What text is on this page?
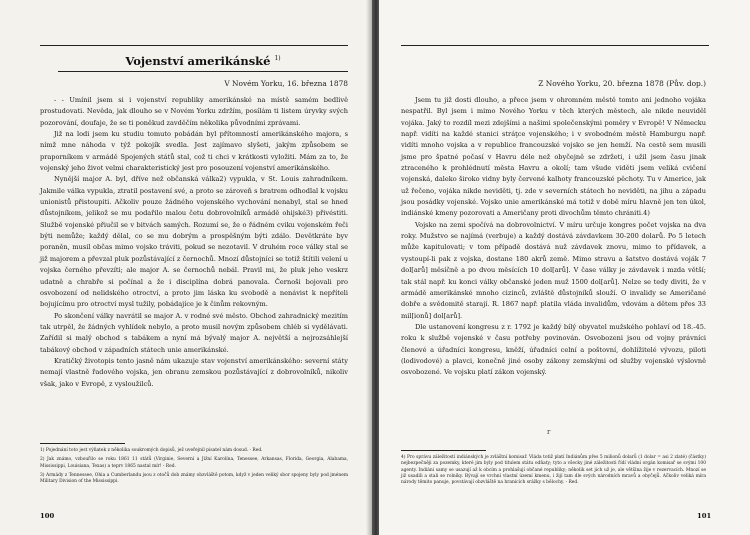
Vojenství amerikánské $^{1)}$
V Novém Yorku, 16. března 1878

- - Umínil jsem si i vojenství republiky amerikánské na místě samém bedlivě prostudovati. Nevěda, jak dlouho se v Novém Yorku zdržím, posílám ti listem úryvky svých pozorování, doufaje, že se ti poněkud zavděčím několika původními zprávami.

Již na lodi jsem ku studiu tomuto pobádán byl přítomností amerikánského majora, s nímž mne náhoda v týž pokojík svedla. Jest zajímavo slyšeti, jakým způsobem se praporníkem v armádě Spojených států stal, což ti chci v krátkosti vyložiti. Mám za to, že vojenský jeho život velmi charakteristický jest pro posouzení vojenství amerikánského.

Nynější major A. byl, dříve než občanská válka2) vypukla, v St. Louis zahradníkem. Jakmile válka vypukla, ztratil postavení své, a proto se zároveň s bratrem odhodlal k vojsku unionistů přistoupiti. Ačkoliv pouze žádného vojenského vychování nenabyl, stal se hned důstojníkem, jelikož se mu podařilo malou četu dobrovolníků armádě ohijské3) přivéstiti. Službě vojenské přiučil se v bitvách samých. Rozumí se, že o řádném cviku vojenském řeči býti nemůže; každý dělal, co se mu dobrým a prospěšným býti zdálo. Devětkráte byv poraněn, musil občas mimo vojsko tráviti, pokud se nezotavil. V druhém roce války stal se již majorem a převzal pluk pozůstávající z černochů. Mnozí důstojníci se totiž štítili velení u vojska černého převzíti; ale major A. se černochů nebál. Pravil mi, že pluk jeho veskrz udatně a chrabře si počínal a že i disciplína dobrá panovala. Černoši bojovali pro osvobození od nelidského otroctví, a proto jim láska ku svobodě a nenávist k nepříteli bojujícímu pro otroctví mysl tužily, pobádajíce je k činům rekovným.

Po skončení války navrátil se major A. v rodné své město. Obchod zahradnický mezitím tak utrpěl, že žádných vyhlídek nebylo, a proto musil novým způsobem chléb si vydělávati. Zařídil si malý obchod s tabákem a nyní má bývalý major A. největší a nejrozsáhlejší tabákový obchod v západních státech unie amerikánské.

Kratičký životopis tento jasně nám ukazuje stav vojenství amerikánského: severní státy nemají vlastně řadového vojska, jen obranu zemskou pozůstávající z dobrovolníků, nikoliv však, jako v Evropě, z vysloužilců.

1) Pojednání toto jest výňatek z několika soukromých dopisů, jež uveřejnil pisatel nám dosud. - Red.

2) Jak známo, vzbouřilo se roku 1861 11 států (Virginie, Severní a Jižní Karolína, Tenessee, Arkansas, Florida, Georgia, Alabama, Mississippi, Louisiana, Texas) a teprv 1865 nastal mír! - Red.

3) Armády z Tennessee, Ohia a Cumberlandu jsou z otočů dob známy obzvláště potom, když v jeden veliký sbor spojeny byly pod jménem Military Division of the Mississippi.

100
Z Nového Yorku, 20. března 1878 (Pův. dop.)

Jsem tu již dosti dlouho, a přece jsem v ohromném městě tomto ani jednoho vojáka nespatřil. Byl jsem i mimo Nového Yorku v těch kterých městech, ale nikde neuviděl vojáka. Jaký to rozdíl mezi zdejšími a našimi společenskými poměry v Evropě! V Německu např. vidíti na každé stanici stráţce vojenského; i v svobodném městě Hamburgu např. vidíti mnoho vojska a v republice francouzské vojsko se jen hemží. Na cestě sem musili jsme pro špatné počasí v Havru déle než obyčejně se zdržeti, i užil jsem času jinak ztraceného k prohlédnutí města Havru a okolí; tam všude viděti jsem veliká cvičení vojenská, daleko široko vidny byly červené kalhoty francouzské pěchoty. Tu v Americe, jak už řečeno, vojáka nikde neviděti, tj. zde v severních státech ho neviděti, na jihu a západu jsou posádky vojenské. Vojsko unie amerikánské má totiž v době míru hlavně jen ten úkol, indiánské kmeny pozorovati a Američany proti divochům těmto chrániti.4)

Vojsko na zemi spočívá na dobrovolnictví. V míru určuje kongres počet vojska na dva roky. Mužstvo se najímá (verbuje) a každý dostává závdavkem 30-200 dolarů. Po 5 letech může kapitulovati; v tom případě dostává nuž závdavek znovu, mimo to přídavek, a vystoupí-li pak z vojska, dostane 180 akrů země. Mimo stravu a šatstvo dostává voják 7 dol[arů] měsíčně a po dvou měsících 10 dol[arů]. V čase války je závdavek i mzda větší; tak stál např. ku konci války občanské jeden muž 1500 dol[arů]. Nelze se tedy diviti, že v armádě amerikánské mnoho cizinců, zvláště důstojníků slouží. O invalidy se Američané dobře a svědomitě starají. R. 1867 např. platila vláda invalidům, vdovám a dětem přes 33 mil[ionů] dol[arů].

Dle ustanovení kongresu z r. 1792 je každý bílý obyvatel mužského pohlaví od 18.-45. roku k službě vojenské v času potřeby povinován. Osvobozeni jsou od vojny právníci členové a úřadníci kongresu, kněží, úřadníci celní a poštovní, dohlížitelé vývozu, piloti (lodivodové) a plavci, konečně jiné osoby zákony zemskými od služby vojenské výslovně osvobozené. Ve vojsku platí zákon vojenský.

r

4) Pro správu záležitostí indiánských je zvláštní komisař. Vláda totiž platí Indiánům přes 5 milionů dolarů (1 dolar = asi 2 zlaté) (částky) nejbezpečněji za pozemky, které jim byly pod titulem státu odňaty; tyto a všecky jiné záležitosti řídí vládní orgán komisař se svými 100 agenty. Indiáni samy se usazují až k obcím a prohlašují občané republiky; několik set jich už je, ale většina žije v rezervacích. Mnozí se již usadili a stali se rolníky. Bývají se vrchní vlastní území kmenu, i žijí tam dle svých národních mravů a obyčejů. Ačkoliv veliká míra národy těmito panuje, povstávají obzvláště na hranicích srážky s bělochy. - Red.

101
